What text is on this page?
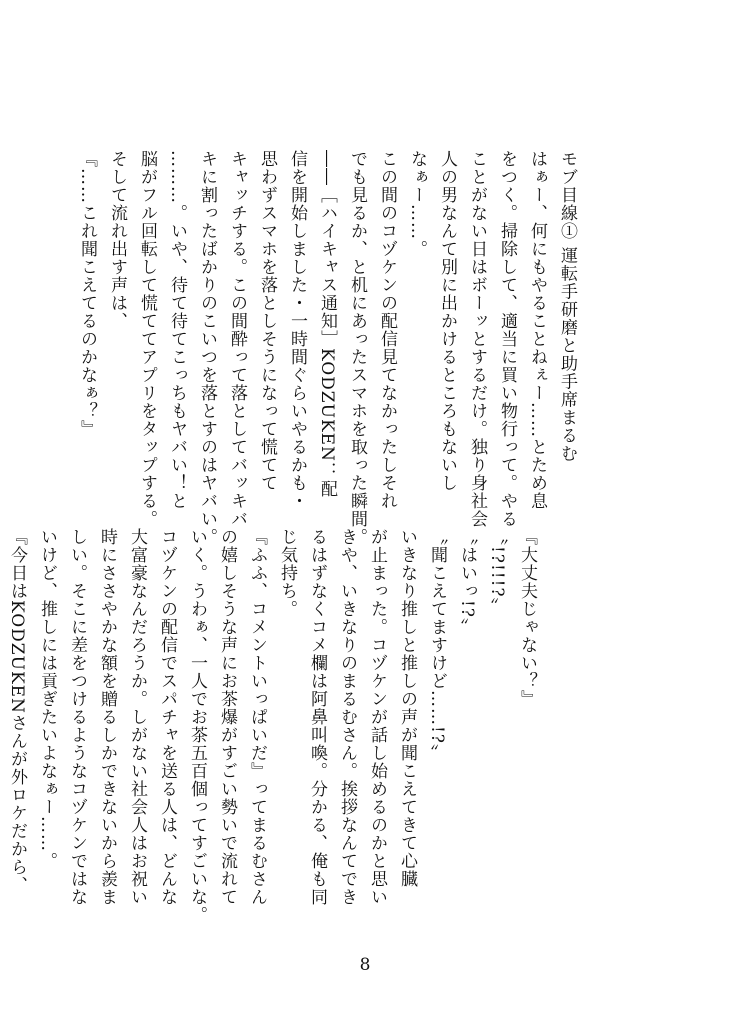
モブ目線① 運転手研磨と助手席まるむ
はぁー、何にもやることねぇー……とため息
をつく。掃除して、適当に買い物行って。やる
ことがない日はボーッとするだけ。独り身社会
人の男なんて別に出かけるところもないし
なぁー……。
この間のコヅケンの配信見てなかったしそれ
でも見るか、と机にあったスマホを取った瞬間。
――［ハイキャス通知］KODZUKEN：配
信を開始しました・一時間ぐらいやるかも・
思わずスマホを落としそうになって慌てて
キャッチする。この間酔って落としてバッキバ
キに割ったばかりのこいつを落とすのはヤバい。
………。いや、待て待てこっちもヤバい！と
脳がフル回転して慌ててアプリをタップする。
そして流れ出す声は、
『……これ聞こえてるのかなぁ？』
『大丈夫じゃない？』
〝!?!!!?〟
〝はいっ!?〟
〝聞こえてますけど……!?〟
いきなり推しと推しの声が聞こえてきて心臓
が止まった。コヅケンが話し始めるのかと思い
きや、いきなりのまるむさん。挨拶なんてでき
るはずなくコメ欄は阿鼻叫喚。分かる、俺も同
じ気持ち。
『ふふ、コメントいっぱいだ』ってまるむさん
の嬉しそうな声にお茶爆がすごい勢いで流れて
いく。うわぁ、一人でお茶五百個ってすごいな。
コヅケンの配信でスパチャを送る人は、どんな
大富豪なんだろうか。しがない社会人はお祝い
時にささやかな額を贈るしかできないから羨ま
しい。そこに差をつけるようなコヅケンではな
いけど、推しには貢ぎたいよなぁー……。
『今日はKODZUKENさんが外ロケだから、
8
